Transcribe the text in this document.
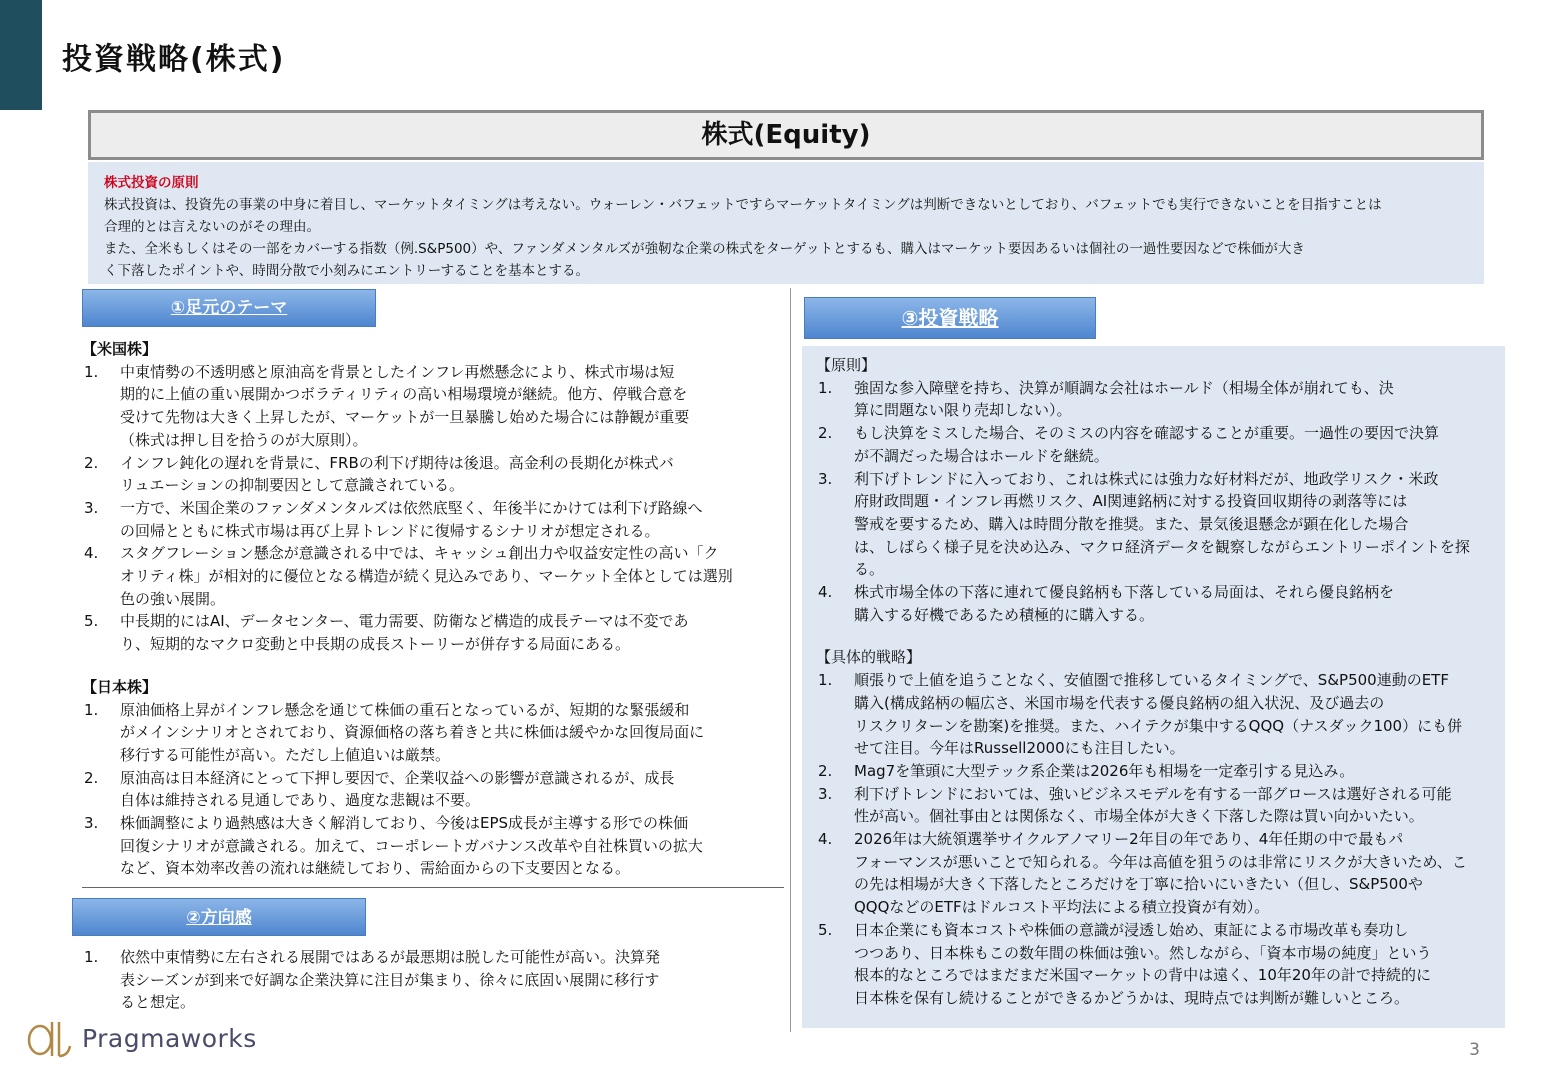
投資戦略(株式)
株式(Equity)
株式投資の原則
株式投資は、投資先の事業の中身に着目し、マーケットタイミングは考えない。ウォーレン・バフェットですらマーケットタイミングは判断できないとしており、バフェットでも実行できないことを目指すことは
合理的とは言えないのがその理由。
また、全米もしくはその一部をカバーする指数（例.S&P500）や、ファンダメンタルズが強靭な企業の株式をターゲットとするも、購入はマーケット要因あるいは個社の一過性要因などで株価が大き
く下落したポイントや、時間分散で小刻みにエントリーすることを基本とする。
①足元のテーマ
【米国株】
1. 中東情勢の不透明感と原油高を背景としたインフレ再燃懸念により、株式市場は短
期的に上値の重い展開かつボラティリティの高い相場環境が継続。他方、停戦合意を
受けて先物は大きく上昇したが、マーケットが一旦暴騰し始めた場合には静観が重要
（株式は押し目を拾うのが大原則）。
2. インフレ鈍化の遅れを背景に、FRBの利下げ期待は後退。高金利の長期化が株式バ
リュエーションの抑制要因として意識されている。
3. 一方で、米国企業のファンダメンタルズは依然底堅く、年後半にかけては利下げ路線へ
の回帰とともに株式市場は再び上昇トレンドに復帰するシナリオが想定される。
4. スタグフレーション懸念が意識される中では、キャッシュ創出力や収益安定性の高い「ク
オリティ株」が相対的に優位となる構造が続く見込みであり、マーケット全体としては選別
色の強い展開。
5. 中長期的にはAI、データセンター、電力需要、防衛など構造的成長テーマは不変であ
り、短期的なマクロ変動と中長期の成長ストーリーが併存する局面にある。
【日本株】
1. 原油価格上昇がインフレ懸念を通じて株価の重石となっているが、短期的な緊張緩和
がメインシナリオとされており、資源価格の落ち着きと共に株価は緩やかな回復局面に
移行する可能性が高い。ただし上値追いは厳禁。
2. 原油高は日本経済にとって下押し要因で、企業収益への影響が意識されるが、成長
自体は維持される見通しであり、過度な悲観は不要。
3. 株価調整により過熱感は大きく解消しており、今後はEPS成長が主導する形での株価
回復シナリオが意識される。加えて、コーポレートガバナンス改革や自社株買いの拡大
など、資本効率改善の流れは継続しており、需給面からの下支要因となる。
②方向感
1. 依然中東情勢に左右される展開ではあるが最悪期は脱した可能性が高い。決算発
表シーズンが到来で好調な企業決算に注目が集まり、徐々に底固い展開に移行す
ると想定。
③投資戦略
【原則】
1. 強固な参入障壁を持ち、決算が順調な会社はホールド（相場全体が崩れても、決
算に問題ない限り売却しない）。
2. もし決算をミスした場合、そのミスの内容を確認することが重要。一過性の要因で決算
が不調だった場合はホールドを継続。
3. 利下げトレンドに入っており、これは株式には強力な好材料だが、地政学リスク・米政
府財政問題・インフレ再燃リスク、AI関連銘柄に対する投資回収期待の剥落等には
警戒を要するため、購入は時間分散を推奨。また、景気後退懸念が顕在化した場合
は、しばらく様子見を決め込み、マクロ経済データを観察しながらエントリーポイントを探
る。
4. 株式市場全体の下落に連れて優良銘柄も下落している局面は、それら優良銘柄を
購入する好機であるため積極的に購入する。
【具体的戦略】
1. 順張りで上値を追うことなく、安値圏で推移しているタイミングで、S&P500連動のETF
購入(構成銘柄の幅広さ、米国市場を代表する優良銘柄の組入状況、及び過去の
リスクリターンを勘案)を推奨。また、ハイテクが集中するQQQ（ナスダック100）にも併
せて注目。今年はRussell2000にも注目したい。
2. Mag7を筆頭に大型テック系企業は2026年も相場を一定牽引する見込み。
3. 利下げトレンドにおいては、強いビジネスモデルを有する一部グロースは選好される可能
性が高い。個社事由とは関係なく、市場全体が大きく下落した際は買い向かいたい。
4. 2026年は大統領選挙サイクルアノマリー2年目の年であり、4年任期の中で最もパ
フォーマンスが悪いことで知られる。今年は高値を狙うのは非常にリスクが大きいため、こ
の先は相場が大きく下落したところだけを丁寧に拾いにいきたい（但し、S&P500や
QQQなどのETFはドルコスト平均法による積立投資が有効）。
5. 日本企業にも資本コストや株価の意識が浸透し始め、東証による市場改革も奏功し
つつあり、日本株もこの数年間の株価は強い。然しながら、「資本市場の純度」という
根本的なところではまだまだ米国マーケットの背中は遠く、10年20年の計で持続的に
日本株を保有し続けることができるかどうかは、現時点では判断が難しいところ。
Pragmaworks	3
